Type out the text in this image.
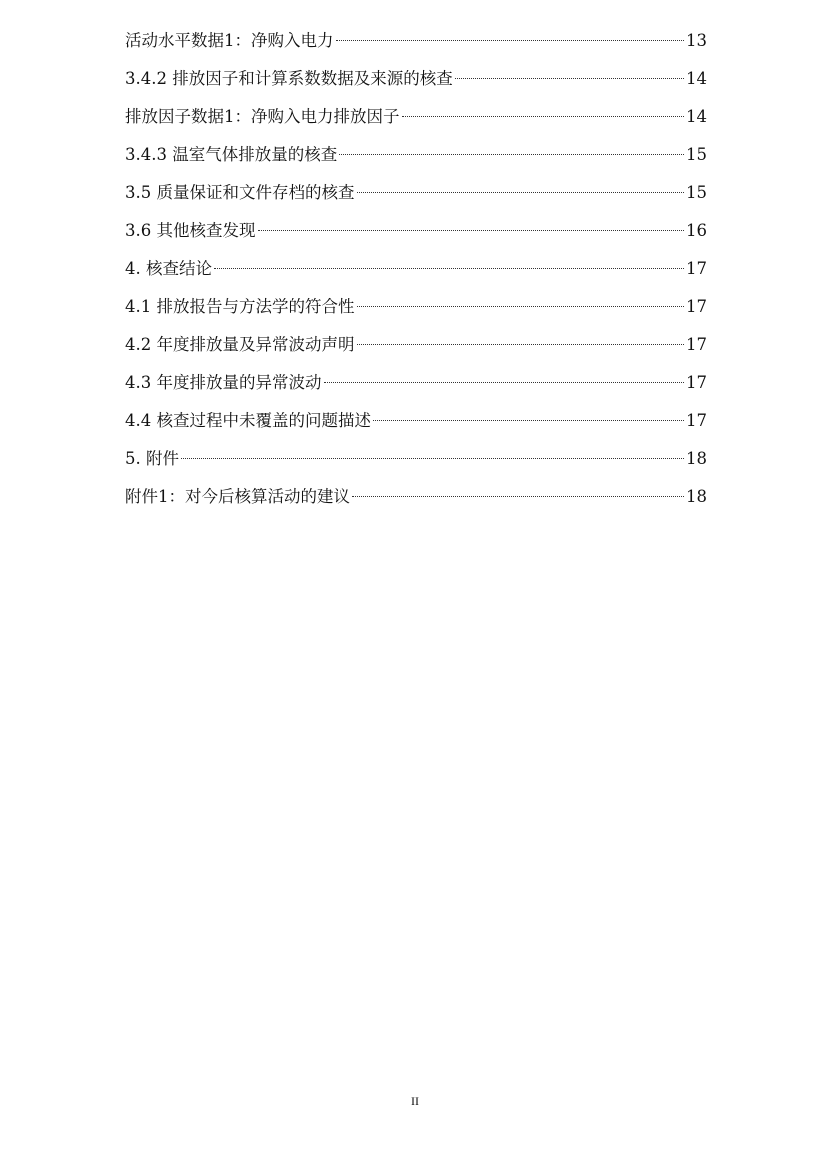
活动水平数据1：净购入电力	13
3.4.2 排放因子和计算系数数据及来源的核查	14
排放因子数据1：净购入电力排放因子	14
3.4.3 温室气体排放量的核查	15
3.5 质量保证和文件存档的核查	15
3.6 其他核查发现	16
4. 核查结论	17
4.1 排放报告与方法学的符合性	17
4.2 年度排放量及异常波动声明	17
4.3 年度排放量的异常波动	17
4.4 核查过程中未覆盖的问题描述	17
5. 附件	18
附件1：对今后核算活动的建议	18
II
